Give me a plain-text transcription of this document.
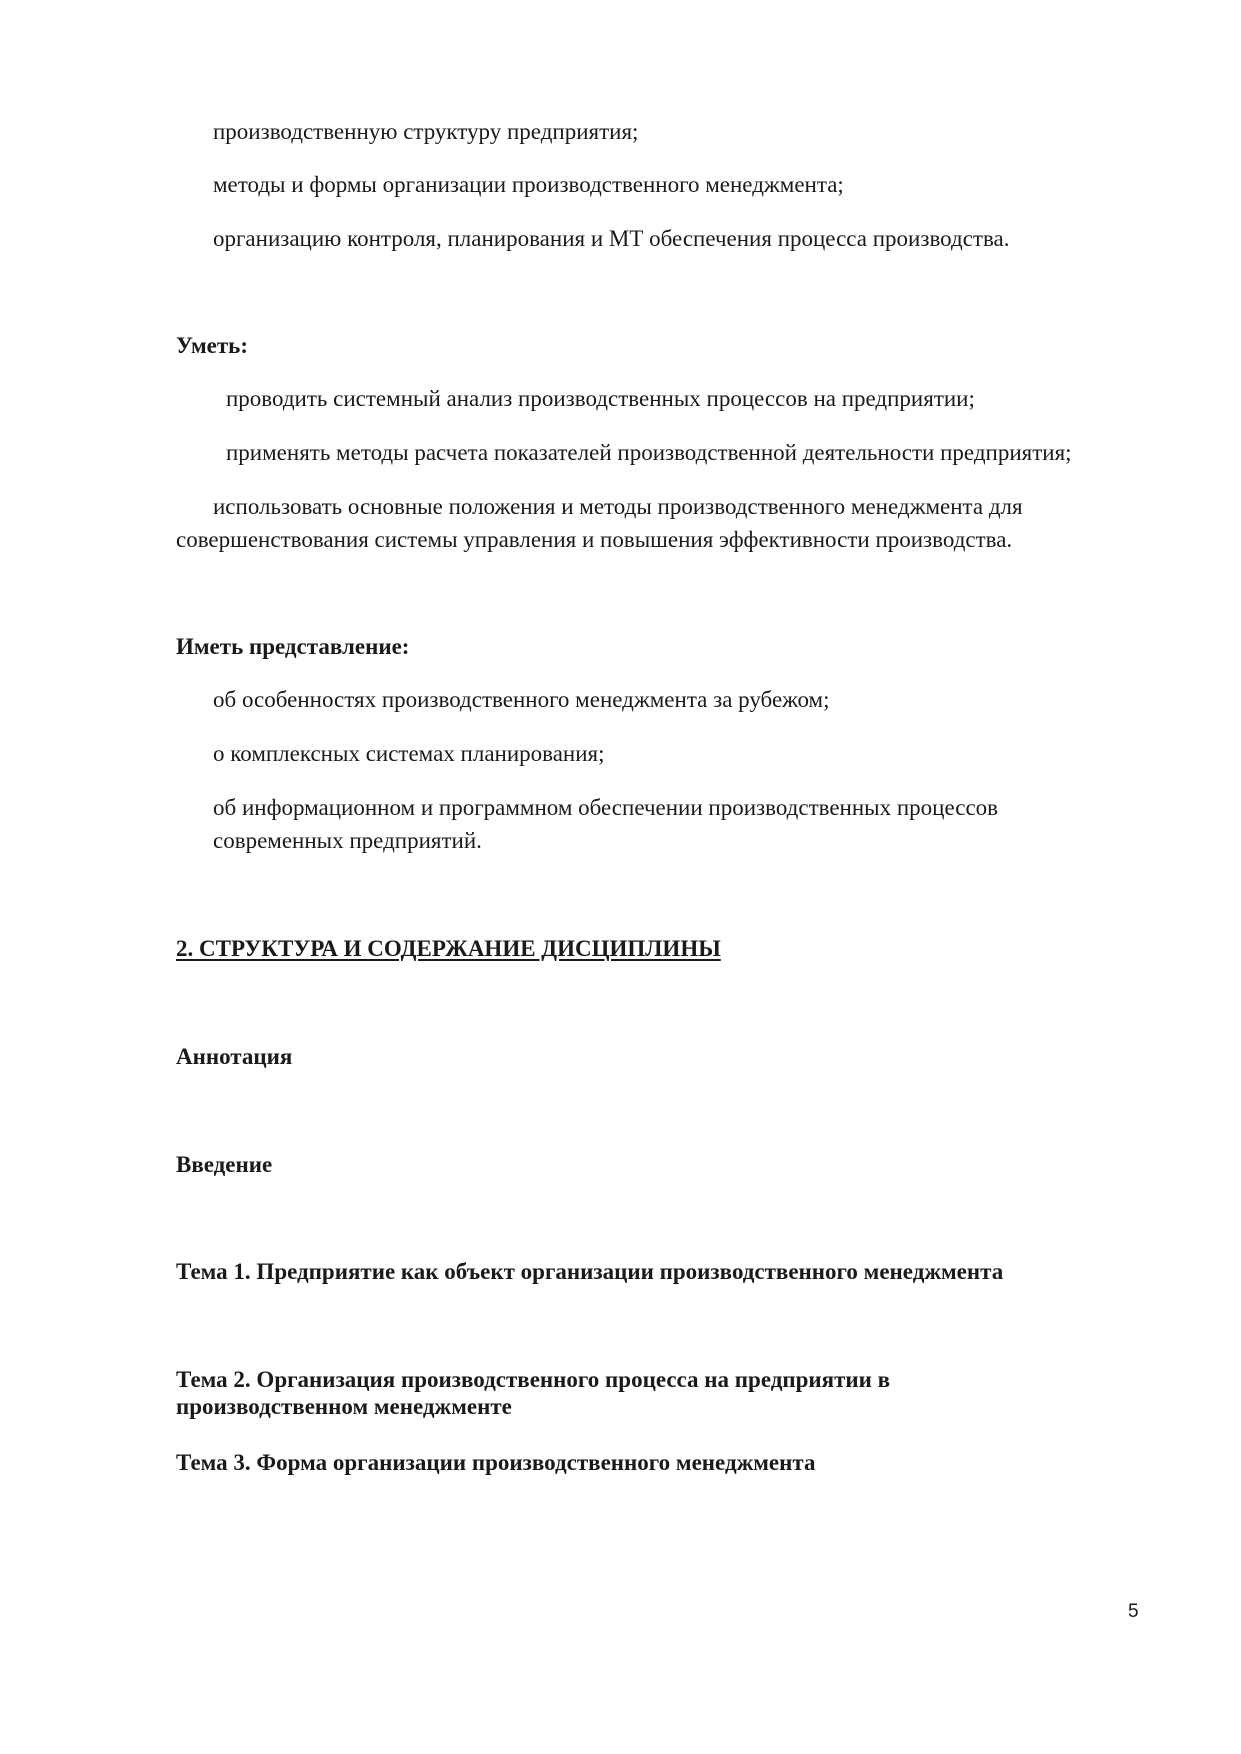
производственную структуру предприятия;
методы и формы организации производственного менеджмента;
организацию контроля, планирования и МТ обеспечения процесса производства.
Уметь:
проводить системный анализ производственных процессов на предприятии;
применять методы расчета показателей производственной деятельности предприятия;
использовать основные положения и методы производственного менеджмента для
совершенствования системы управления и повышения эффективности производства.
Иметь представление:
об особенностях производственного менеджмента за рубежом;
о комплексных системах планирования;
об информационном и программном обеспечении производственных процессов
современных предприятий.
2. СТРУКТУРА И СОДЕРЖАНИЕ ДИСЦИПЛИНЫ
Аннотация
Введение
Тема 1. Предприятие как объект организации производственного менеджмента
Тема 2. Организация производственного процесса на предприятии в
производственном менеджменте
Тема 3. Форма организации производственного менеджмента
5
